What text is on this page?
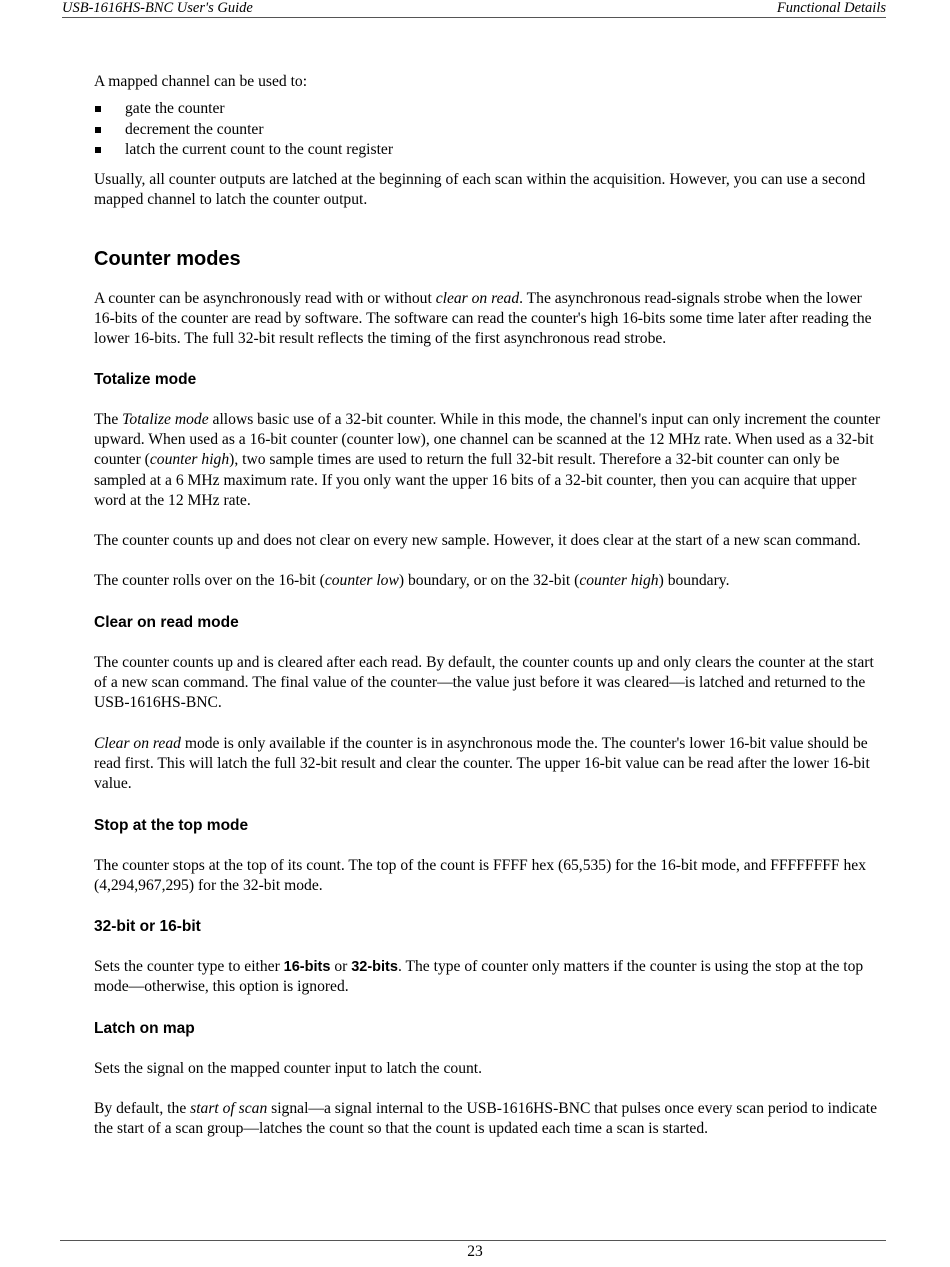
USB-1616HS-BNC User's Guide	Functional Details

A mapped channel can be used to:

gate the counter
decrement the counter
latch the current count to the count register

Usually, all counter outputs are latched at the beginning of each scan within the acquisition. However, you can use a second mapped channel to latch the counter output.

Counter modes

A counter can be asynchronously read with or without clear on read. The asynchronous read-signals strobe when the lower 16-bits of the counter are read by software. The software can read the counter's high 16-bits some time later after reading the lower 16-bits. The full 32-bit result reflects the timing of the first asynchronous read strobe.

Totalize mode

The Totalize mode allows basic use of a 32-bit counter. While in this mode, the channel's input can only increment the counter upward. When used as a 16-bit counter (counter low), one channel can be scanned at the 12 MHz rate. When used as a 32-bit counter (counter high), two sample times are used to return the full 32-bit result. Therefore a 32-bit counter can only be sampled at a 6 MHz maximum rate. If you only want the upper 16 bits of a 32-bit counter, then you can acquire that upper word at the 12 MHz rate.

The counter counts up and does not clear on every new sample. However, it does clear at the start of a new scan command.

The counter rolls over on the 16-bit (counter low) boundary, or on the 32-bit (counter high) boundary.

Clear on read mode

The counter counts up and is cleared after each read. By default, the counter counts up and only clears the counter at the start of a new scan command. The final value of the counter—the value just before it was cleared—is latched and returned to the USB-1616HS-BNC.

Clear on read mode is only available if the counter is in asynchronous mode the. The counter's lower 16-bit value should be read first. This will latch the full 32-bit result and clear the counter. The upper 16-bit value can be read after the lower 16-bit value.

Stop at the top mode

The counter stops at the top of its count. The top of the count is FFFF hex (65,535) for the 16-bit mode, and FFFFFFFF hex (4,294,967,295) for the 32-bit mode.

32-bit or 16-bit

Sets the counter type to either 16-bits or 32-bits. The type of counter only matters if the counter is using the stop at the top mode—otherwise, this option is ignored.

Latch on map

Sets the signal on the mapped counter input to latch the count.

By default, the start of scan signal—a signal internal to the USB-1616HS-BNC that pulses once every scan period to indicate the start of a scan group—latches the count so that the count is updated each time a scan is started.

23
